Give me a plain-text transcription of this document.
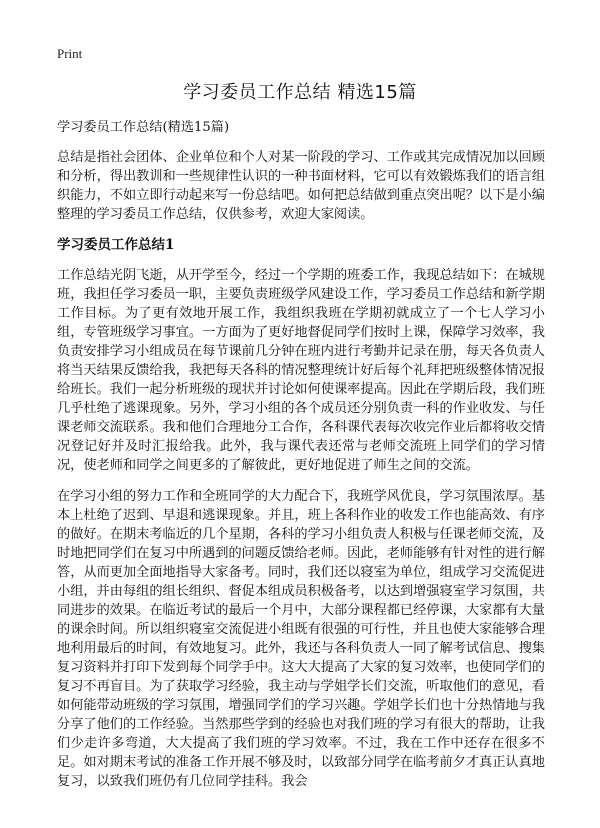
Print
学习委员工作总结 精选15篇

学习委员工作总结(精选15篇)

总结是指社会团体、企业单位和个人对某一阶段的学习、工作或其完成情况加以回顾和分析，得出教训和一些规律性认识的一种书面材料，它可以有效锻炼我们的语言组织能力，不如立即行动起来写一份总结吧。如何把总结做到重点突出呢？以下是小编整理的学习委员工作总结，仅供参考，欢迎大家阅读。

学习委员工作总结1

工作总结光阴飞逝，从开学至今，经过一个学期的班委工作，我现总结如下：在城规班，我担任学习委员一职，主要负责班级学风建设工作，学习委员工作总结和新学期工作目标。为了更有效地开展工作，我组织我班在学期初就成立了一个七人学习小组，专管班级学习事宜。一方面为了更好地督促同学们按时上课，保障学习效率，我负责安排学习小组成员在每节课前几分钟在班内进行考勤并记录在册，每天各负责人将当天结果反馈给我，我把每天各科的情况整理统计好后每个礼拜把班级整体情况报给班长。我们一起分析班级的现状并讨论如何使课率提高。因此在学期后段，我们班几乎杜绝了逃课现象。另外，学习小组的各个成员还分别负责一科的作业收发、与任课老师交流联系。我和他们合理地分工合作，各科课代表每次收完作业后都将收交情况登记好并及时汇报给我。此外，我与课代表还常与老师交流班上同学们的学习情况，使老师和同学之间更多的了解彼此，更好地促进了师生之间的交流。

在学习小组的努力工作和全班同学的大力配合下，我班学风优良，学习氛围浓厚。基本上杜绝了迟到、早退和逃课现象。并且，班上各科作业的收发工作也能高效、有序的做好。在期末考临近的几个星期，各科的学习小组负责人积极与任课老师交流，及时地把同学们在复习中所遇到的问题反馈给老师。因此，老师能够有针对性的进行解答，从而更加全面地指导大家备考。同时，我们还以寝室为单位，组成学习交流促进小组，并由每组的组长组织、督促本组成员积极备考，以达到增强寝室学习氛围，共同进步的效果。在临近考试的最后一个月中，大部分课程都已经停课，大家都有大量的课余时间。所以组织寝室交流促进小组既有很强的可行性，并且也使大家能够合理地利用最后的时间，有效地复习。此外，我还与各科负责人一同了解考试信息、搜集复习资料并打印下发到每个同学手中。这大大提高了大家的复习效率，也使同学们的复习不再盲目。为了获取学习经验，我主动与学姐学长们交流，听取他们的意见，看如何能带动班级的学习氛围，增强同学们的学习兴趣。学姐学长们也十分热情地与我分享了他们的工作经验。当然那些学到的经验也对我们班的学习有很大的帮助，让我们少走许多弯道，大大提高了我们班的学习效率。不过，我在工作中还存在很多不足。如对期末考试的准备工作开展不够及时，以致部分同学在临考前夕才真正认真地复习，以致我们班仍有几位同学挂科。我会
